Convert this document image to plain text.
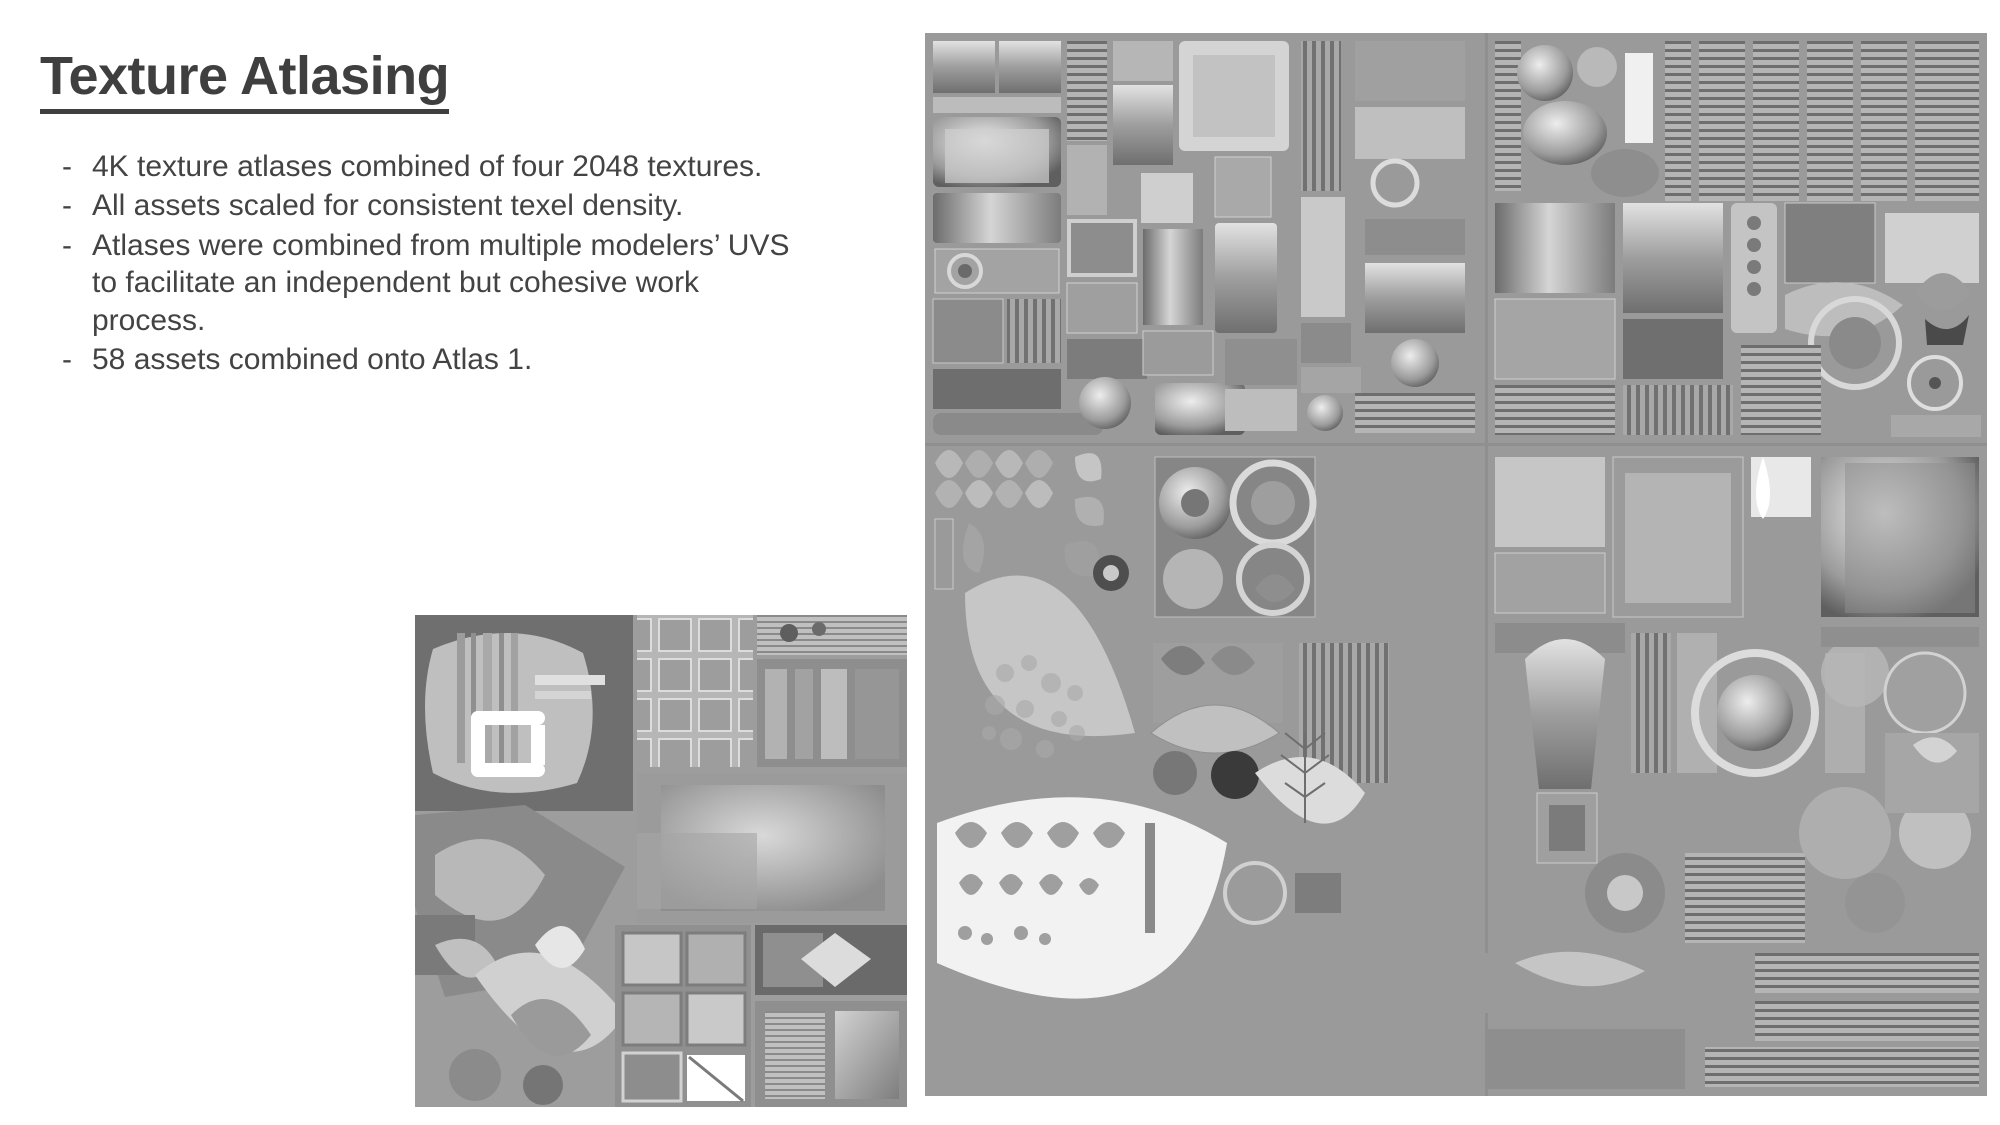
Texture Atlasing
- 4K texture atlases combined of four 2048 textures.
- All assets scaled for consistent texel density.
- Atlases were combined from multiple modelers’ UVS to facilitate an independent but cohesive work process.
- 58 assets combined onto Atlas 1.
